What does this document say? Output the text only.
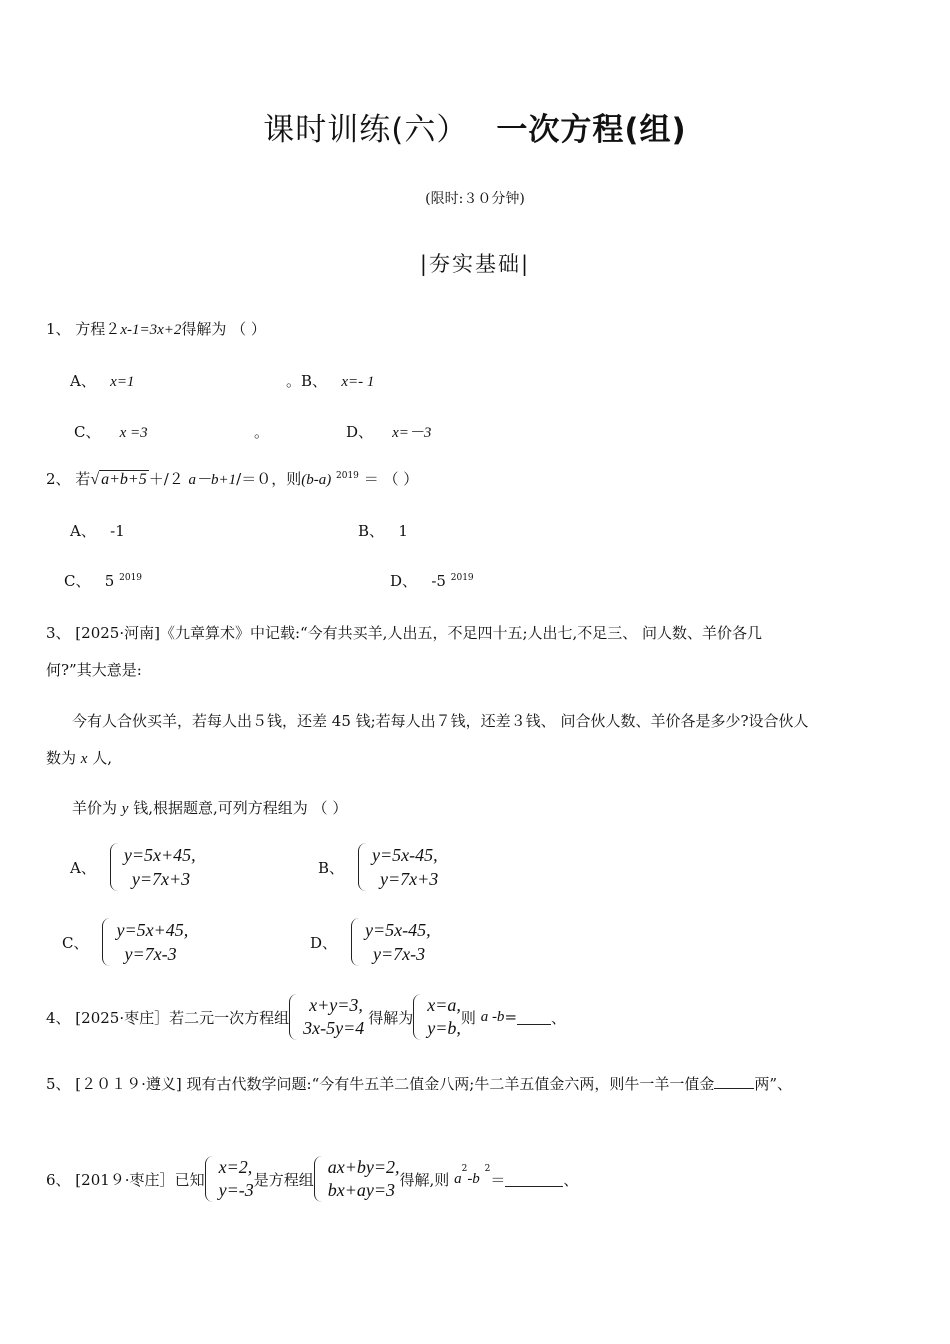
课时训练(六） 一次方程(组)
(限时:３０分钟)
|夯实基础|
1、 方程２x-1=3x+2得解为 （ ）
A、 x=1	。B、 x=- 1
C、 x =3	。	D、 x=－3
2、 若√ a+b+5 ＋/２ a－b+1/＝０，则(b-a) $^{2019}$ ＝ （ ）
A、 -1	B、 1
C、 5 $^{2019}$	D、 -5 $^{2019}$
3、 [2025·河南]《九章算术》中记载:“今有共买羊,人出五，不足四十五;人出七,不足三、 问人数、羊价各几
何?”其大意是:
今有人合伙买羊，若每人出５钱，还差 45 钱;若每人出７钱，还差３钱、 问合伙人数、羊价各是多少?设合伙人
数为 x 人,
羊价为 y 钱,根据题意,可列方程组为 （ ）
A、
y=5x+45,
y=7x+3
B、
y=5x-45,
y=7x+3
C、
y=5x+45,
y=7x-3
D、
y=5x-45,
y=7x-3
4、 [2025·枣庄］若二元一次方程组
x+y=3,
3x-5y=4
得解为
x=a,
y=b,
则
a -b = 、
5、 [２０１９·遵义] 现有古代数学问题:“今有牛五羊二值金八两;牛二羊五值金六两，则牛一羊一值金	两”、
6、 [201９·枣庄］已知
x=2,
y=-3
是方程组
ax+by=2,
bx+ay=3
得解,则
a
$^2$
-b

$^2$
＝	、
